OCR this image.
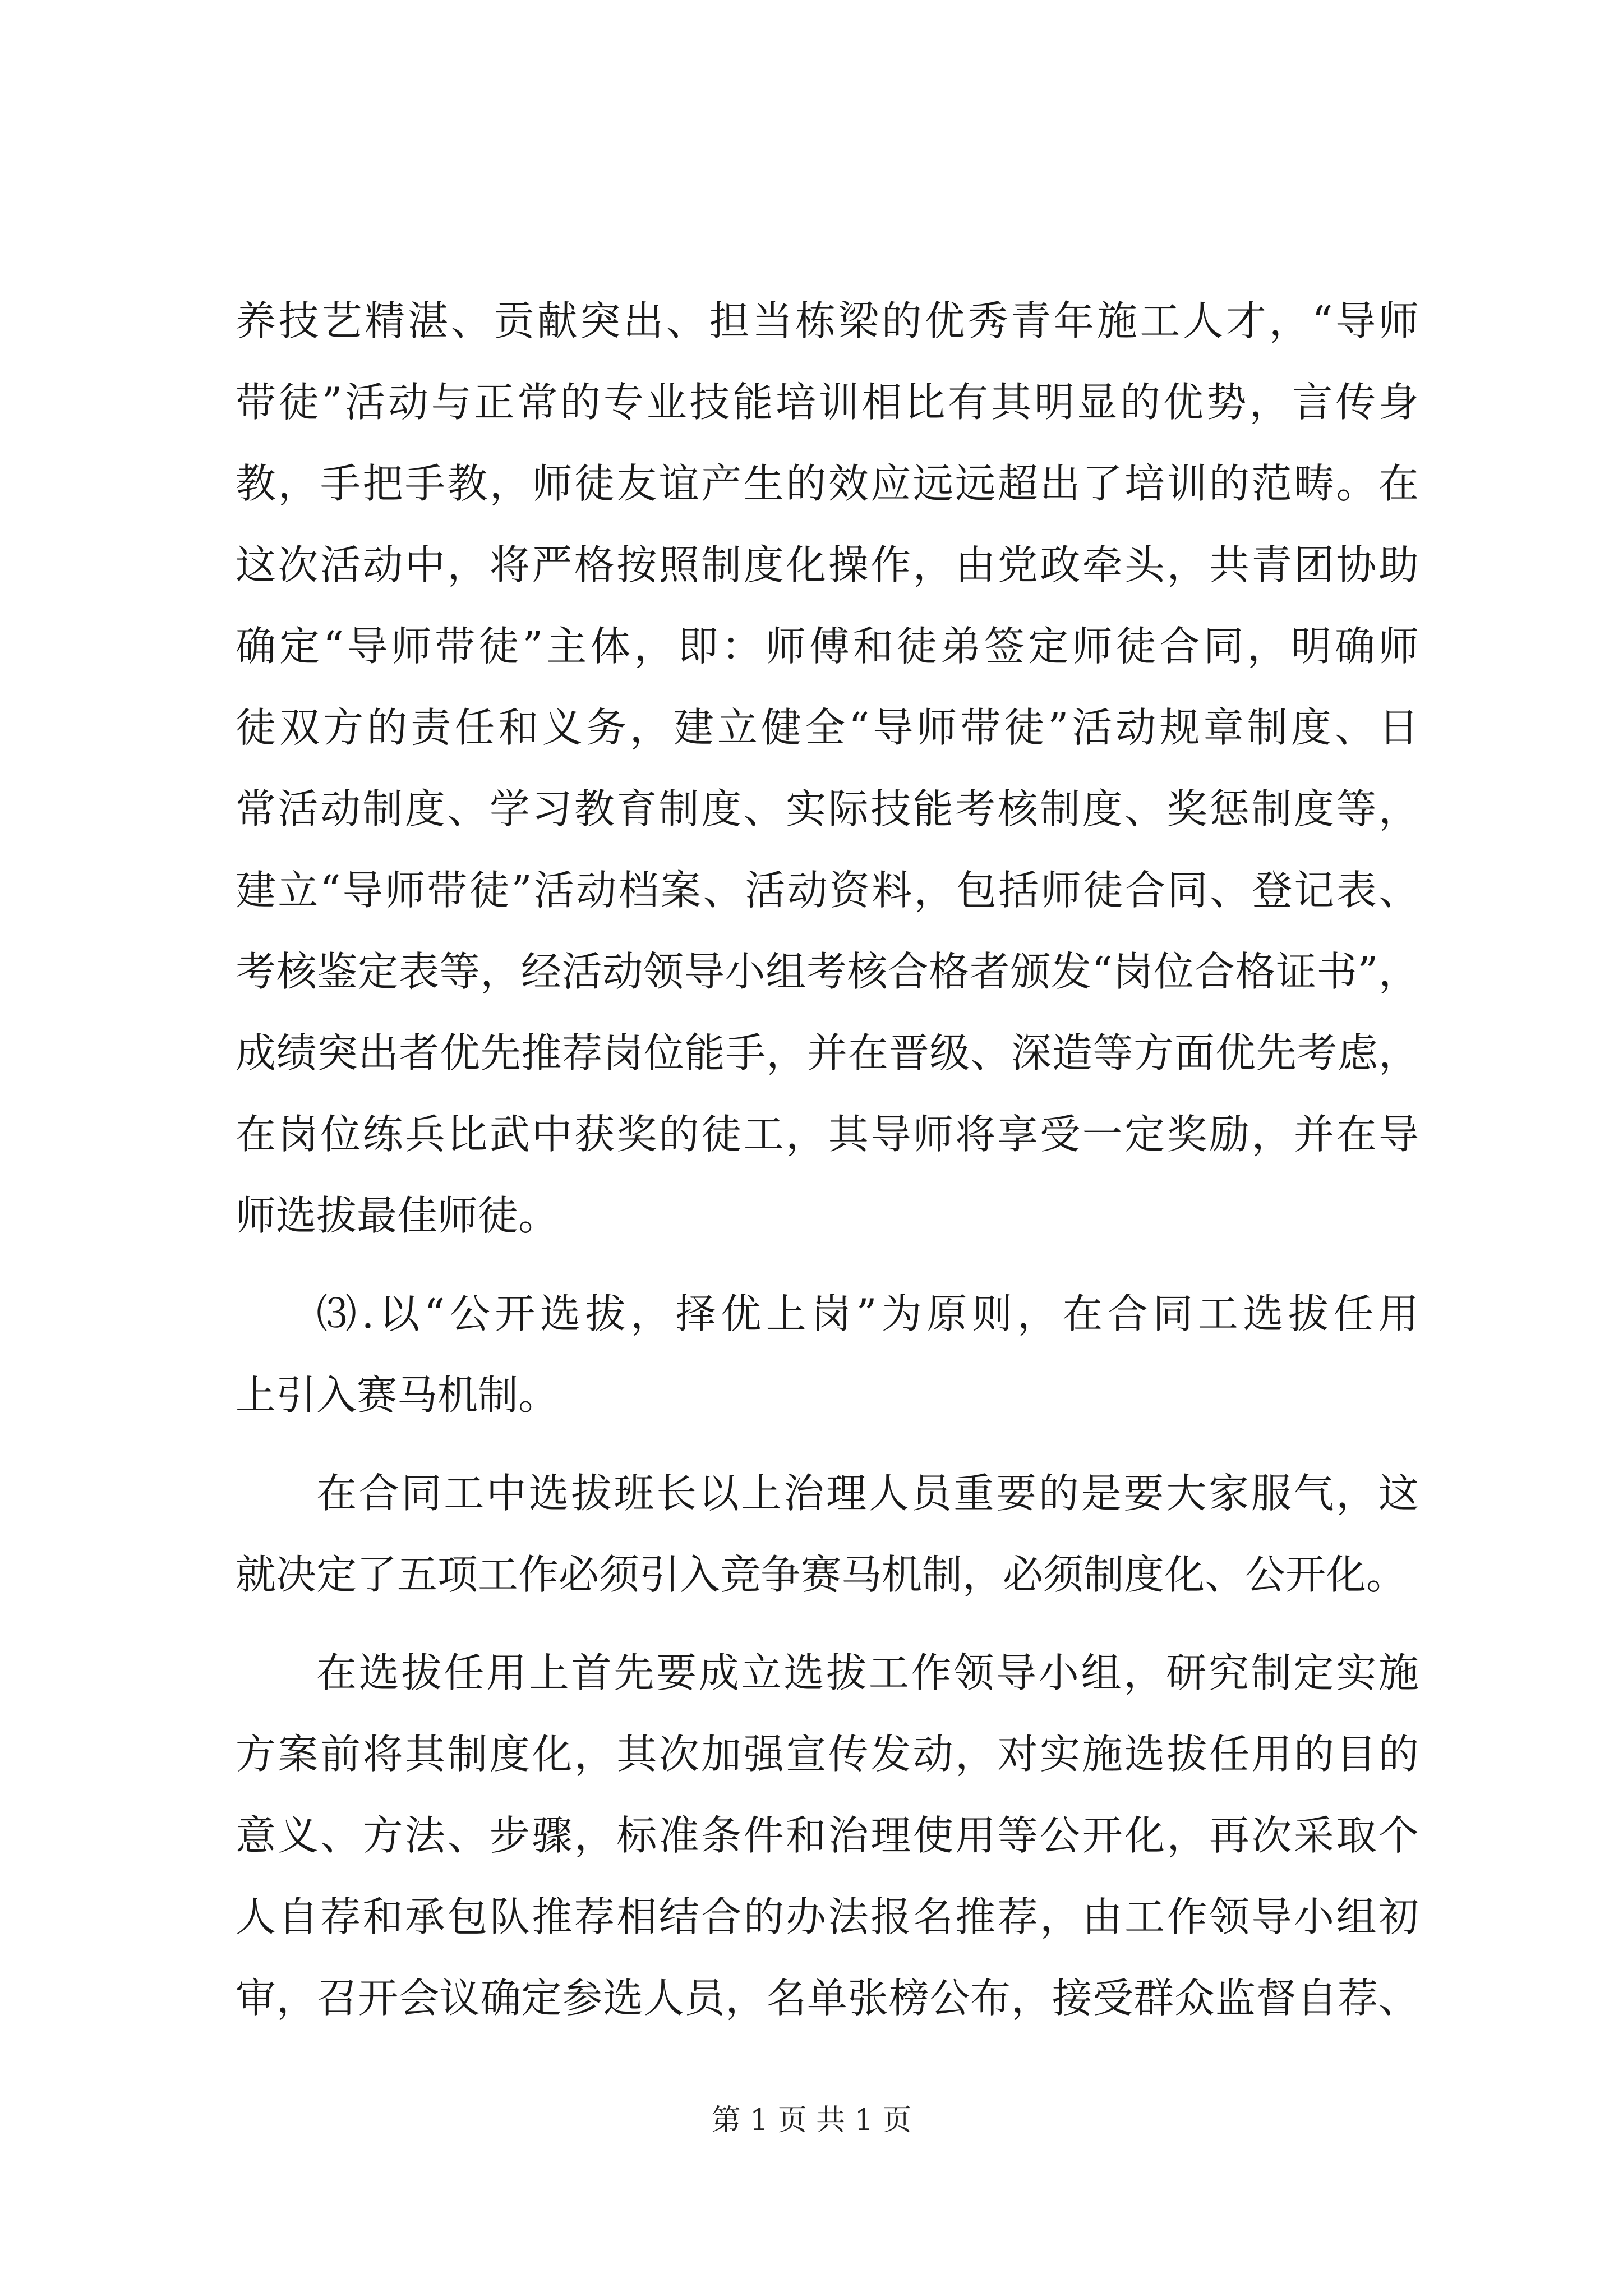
养技艺精湛、贡献突出、担当栋梁的优秀青年施工人才，“导师
带徒”活动与正常的专业技能培训相比有其明显的优势，言传身
教，手把手教，师徒友谊产生的效应远远超出了培训的范畴。在
这次活动中，将严格按照制度化操作，由党政牵头，共青团协助
确定“导师带徒”主体，即：师傅和徒弟签定师徒合同，明确师
徒双方的责任和义务，建立健全“导师带徒”活动规章制度、日
常活动制度、学习教育制度、实际技能考核制度、奖惩制度等，
建立“导师带徒”活动档案、活动资料，包括师徒合同、登记表、
考核鉴定表等，经活动领导小组考核合格者颁发“岗位合格证书”，
成绩突出者优先推荐岗位能手，并在晋级、深造等方面优先考虑，
在岗位练兵比武中获奖的徒工，其导师将享受一定奖励，并在导
师选拔最佳师徒。
⑶.以“公开选拔，择优上岗”为原则，在合同工选拔任用
上引入赛马机制。
在合同工中选拔班长以上治理人员重要的是要大家服气，这
就决定了五项工作必须引入竞争赛马机制，必须制度化、公开化。
在选拔任用上首先要成立选拔工作领导小组，研究制定实施
方案前将其制度化，其次加强宣传发动，对实施选拔任用的目的
意义、方法、步骤，标准条件和治理使用等公开化，再次采取个
人自荐和承包队推荐相结合的办法报名推荐，由工作领导小组初
审，召开会议确定参选人员，名单张榜公布，接受群众监督自荐、
第 1 页 共 1 页
